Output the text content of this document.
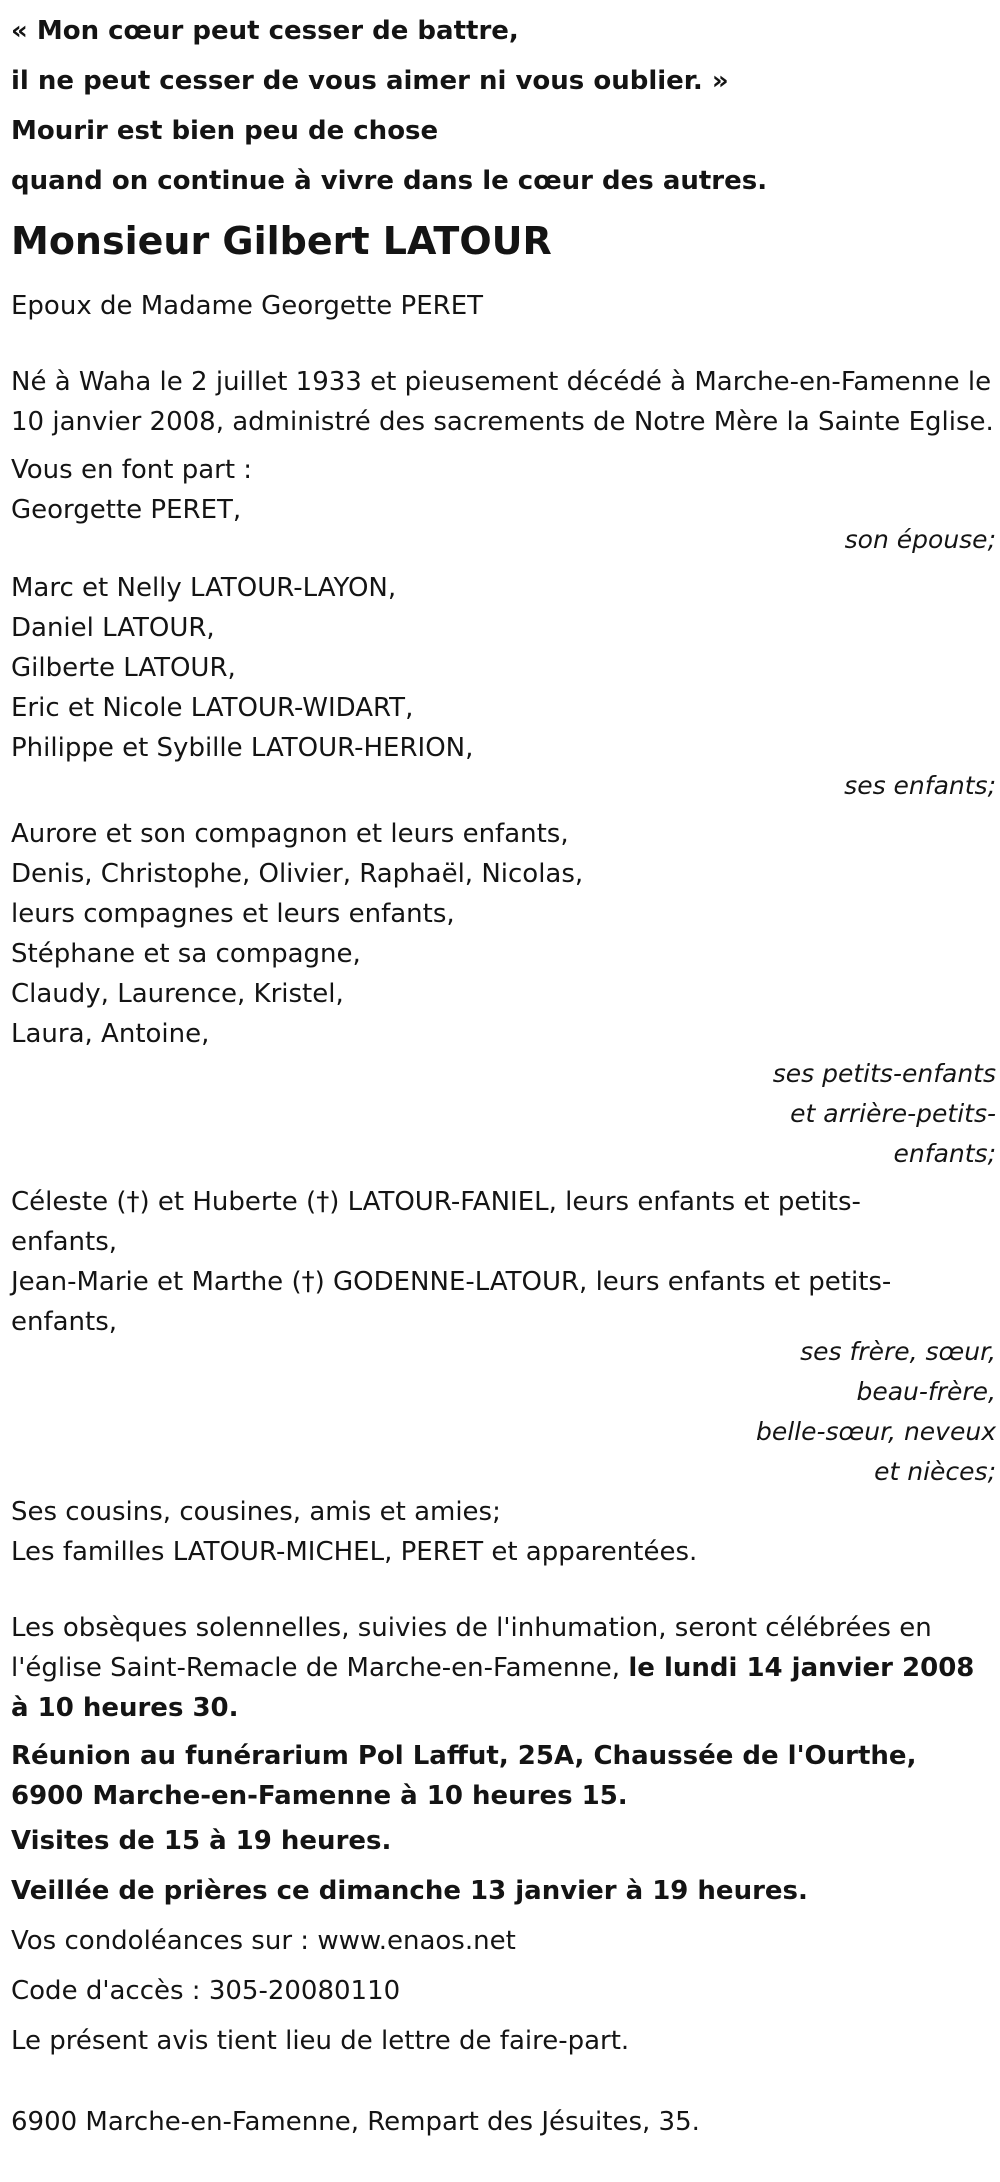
« Mon cœur peut cesser de battre,
il ne peut cesser de vous aimer ni vous oublier. »
Mourir est bien peu de chose
quand on continue à vivre dans le cœur des autres.
Monsieur Gilbert LATOUR
Epoux de Madame Georgette PERET
Né à Waha le 2 juillet 1933 et pieusement décédé à Marche-en-Famenne le 10 janvier 2008, administré des sacrements de Notre Mère la Sainte Eglise.
Vous en font part :
Georgette PERET,
son épouse;
Marc et Nelly LATOUR-LAYON,
Daniel LATOUR,
Gilberte LATOUR,
Eric et Nicole LATOUR-WIDART,
Philippe et Sybille LATOUR-HERION,
ses enfants;
Aurore et son compagnon et leurs enfants,
Denis, Christophe, Olivier, Raphaël, Nicolas,
leurs compagnes et leurs enfants,
Stéphane et sa compagne,
Claudy, Laurence, Kristel,
Laura, Antoine,
ses petits-enfants
et arrière-petits-
enfants;
Céleste (†) et Huberte (†) LATOUR-FANIEL, leurs enfants et petits-
enfants,
Jean-Marie et Marthe (†) GODENNE-LATOUR, leurs enfants et petits-
enfants,
ses frère, sœur,
beau-frère,
belle-sœur, neveux
et nièces;
Ses cousins, cousines, amis et amies;
Les familles LATOUR-MICHEL, PERET et apparentées.
Les obsèques solennelles, suivies de l'inhumation, seront célébrées en l'église Saint-Remacle de Marche-en-Famenne, le lundi 14 janvier 2008 à 10 heures 30.
Réunion au funérarium Pol Laffut, 25A, Chaussée de l'Ourthe, 6900 Marche-en-Famenne à 10 heures 15.
Visites de 15 à 19 heures.
Veillée de prières ce dimanche 13 janvier à 19 heures.
Vos condoléances sur : www.enaos.net
Code d'accès : 305-20080110
Le présent avis tient lieu de lettre de faire-part.
6900 Marche-en-Famenne, Rempart des Jésuites, 35.
